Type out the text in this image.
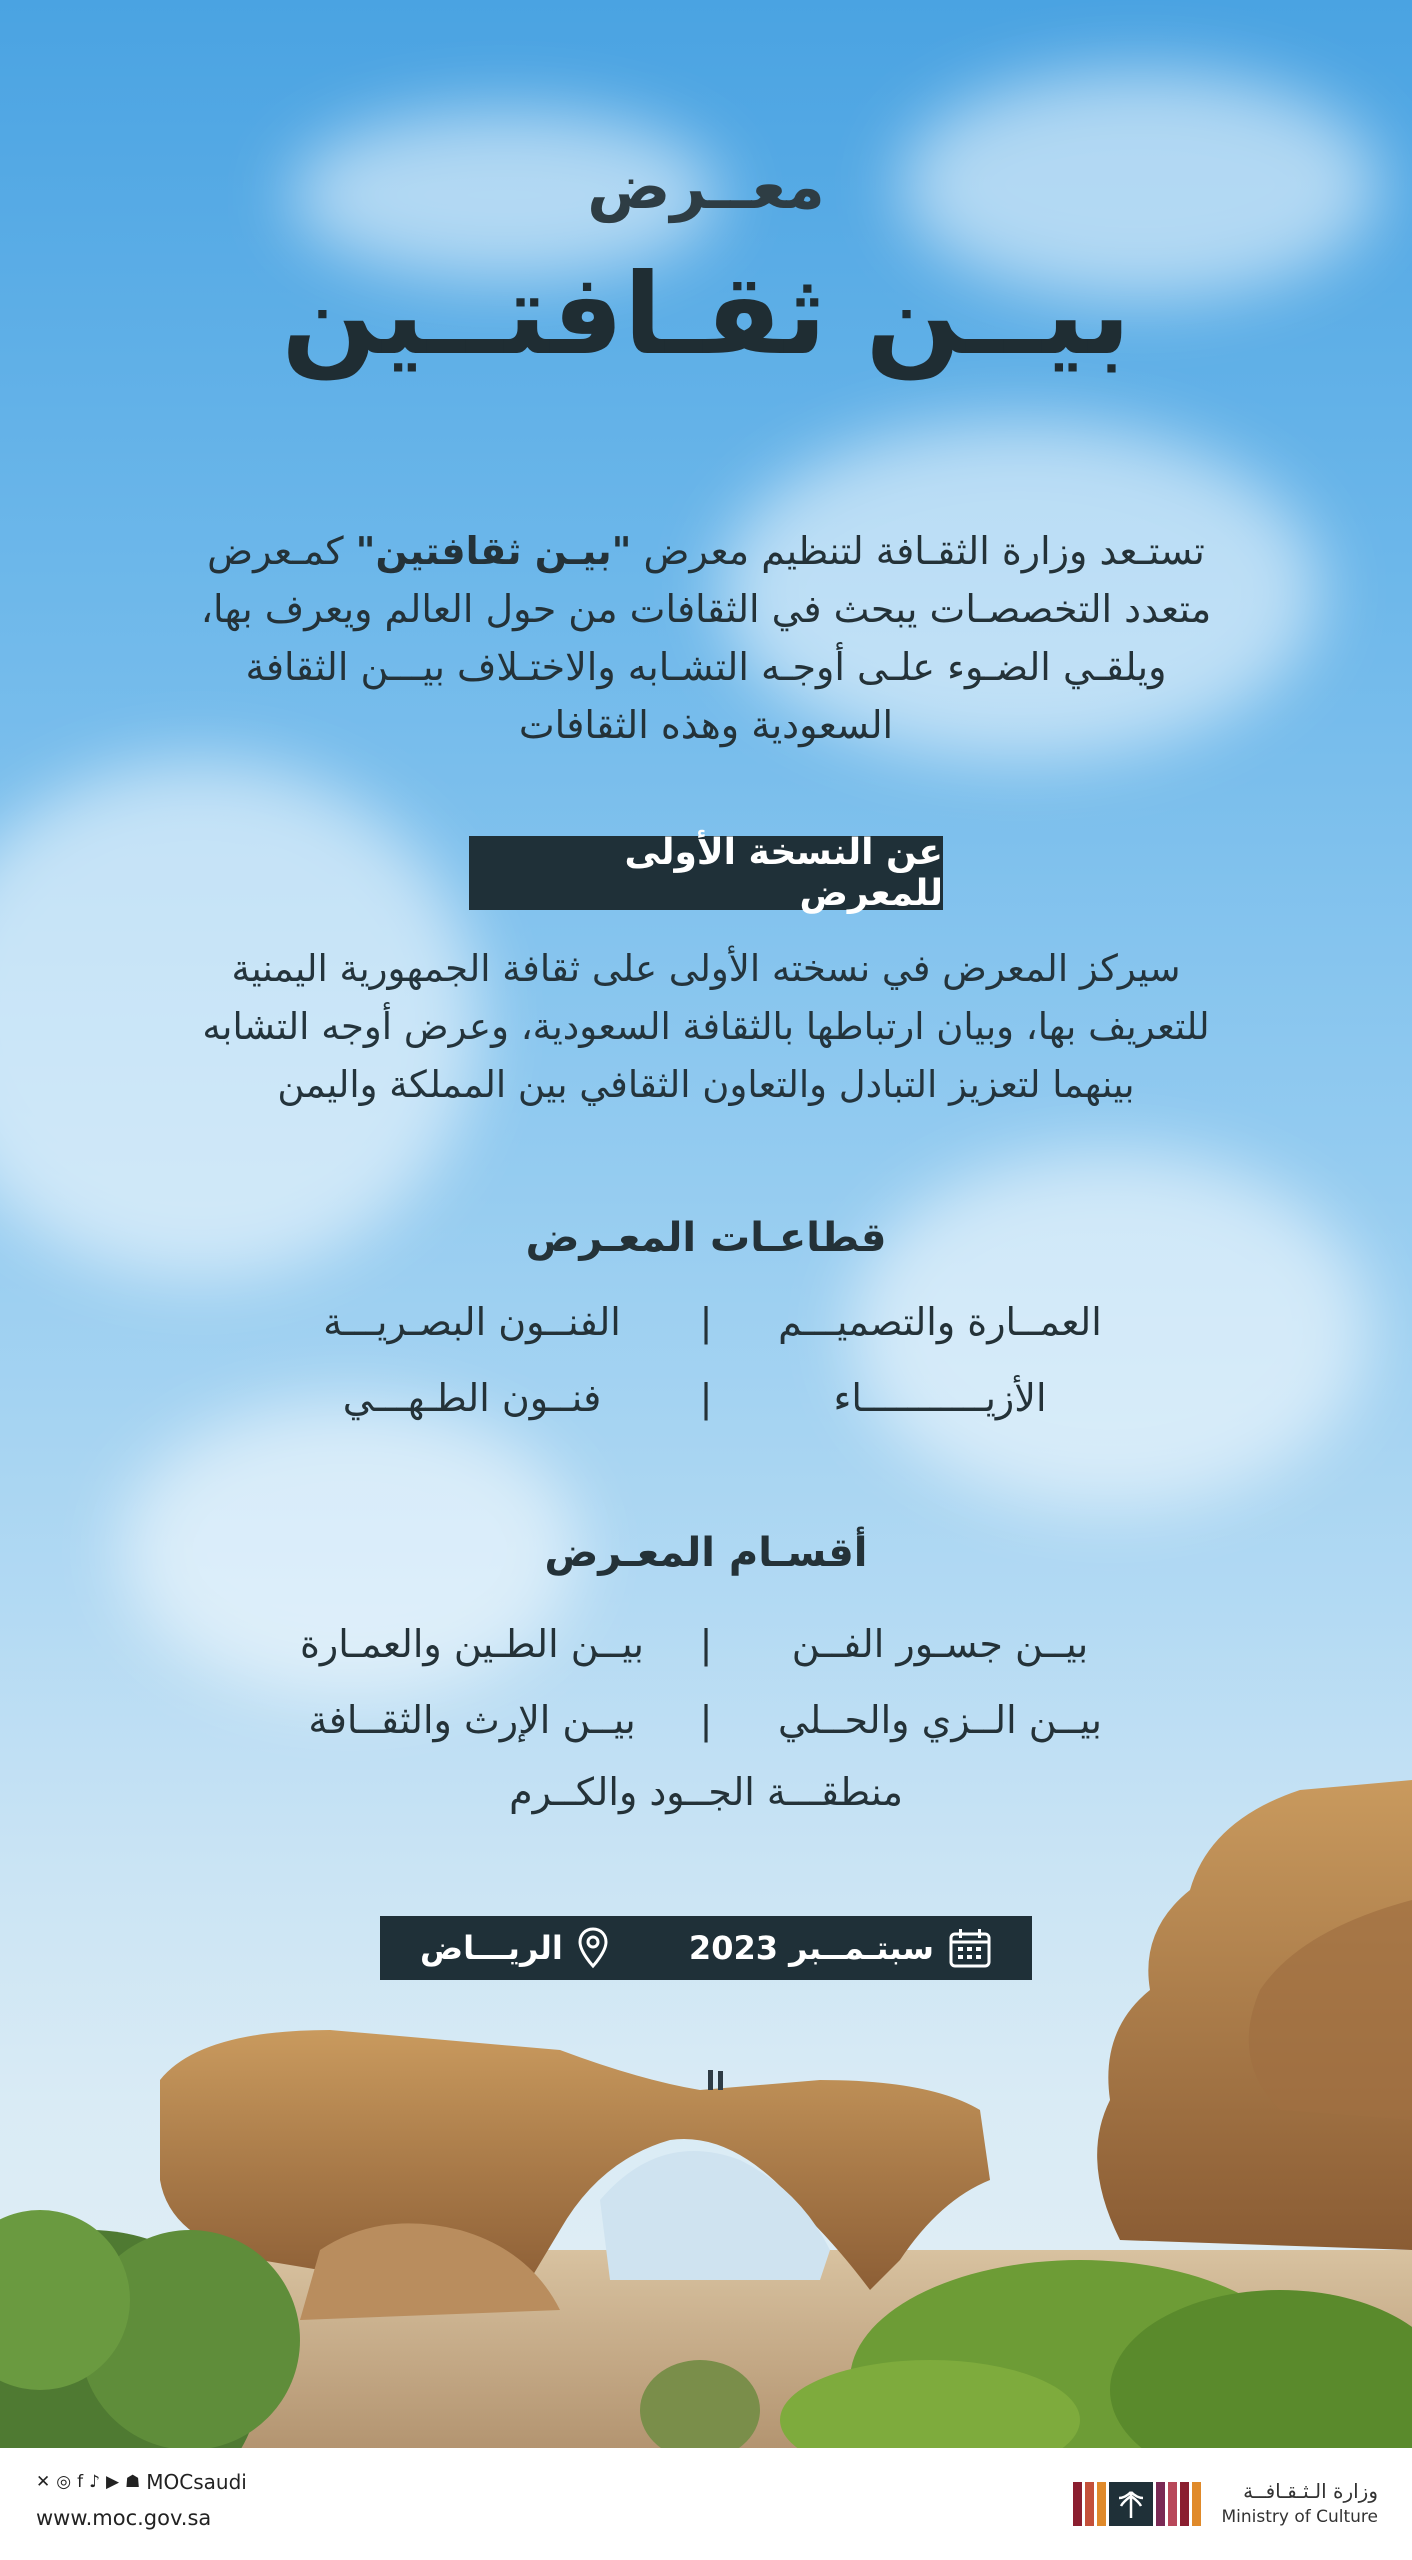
معــرض
بيــن ثقـافتــين
تستـعد وزارة الثقـافة لتنظيم معرض "بيـن ثقافتين" كمـعرض متعدد التخصصـات يبحث في الثقافات من حول العالم ويعرف بها، ويلقـي الضـوء علـى أوجـه التشـابه والاختـلاف بيـــن الثقافة السعودية وهذه الثقافات
عن النسخة الأولى للمعرض
سيركز المعرض في نسخته الأولى على ثقافة الجمهورية اليمنية للتعريف بها، وبيان ارتباطها بالثقافة السعودية، وعرض أوجه التشابه بينهما لتعزيز التبادل والتعاون الثقافي بين المملكة واليمن
قطاعـات المعـرض
العمــارة والتصميـــم
|
الفنــون البصـريـــة
الأزيـــــــــــاء
|
فنــون الطـهـــي
أقسـام المعـرض
بيــن جسـور الفــن
|
بيــن الطـين والعمـارة
بيــن الــزي والحــلي
|
بيــن الإرث والثقــافة
منطقـــة الجــود والكــرم
سبتـمــبر 2023
الريـــاض
✕ ◎ f ♪ ▶ ☗ MOCsaudi
www.moc.gov.sa
وزارة الـثـقـافــة
Ministry of Culture
